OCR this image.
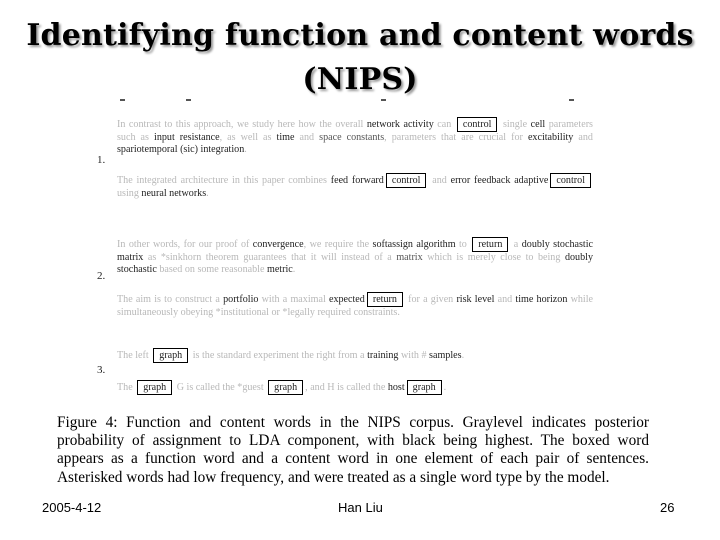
Identifying function and content words
(NIPS)
1.
In contrast to this approach, we study here how the overall network activity can control single cell parameters such as input resistance, as well as time and space constants, parameters that are crucial for excitability and spariotemporal (sic) integration.
The integrated architecture in this paper combines feed forward control and error feedback adaptive control using neural networks.
2.
In other words, for our proof of convergence, we require the softassign algorithm to return a doubly stochastic matrix as *sinkhorn theorem guarantees that it will instead of a matrix which is merely close to being doubly stochastic based on some reasonable metric.
The aim is to construct a portfolio with a maximal expected return for a given risk level and time horizon while simultaneously obeying *institutional or *legally required constraints.
3.
The left graph is the standard experiment the right from a training with # samples.
The graph G is called the *guest graph , and H is called the host graph .
Figure 4: Function and content words in the NIPS corpus. Graylevel indicates posterior probability of assignment to LDA component, with black being highest. The boxed word appears as a function word and a content word in one element of each pair of sentences. Asterisked words had low frequency, and were treated as a single word type by the model.
2005-4-12	Han Liu	26
